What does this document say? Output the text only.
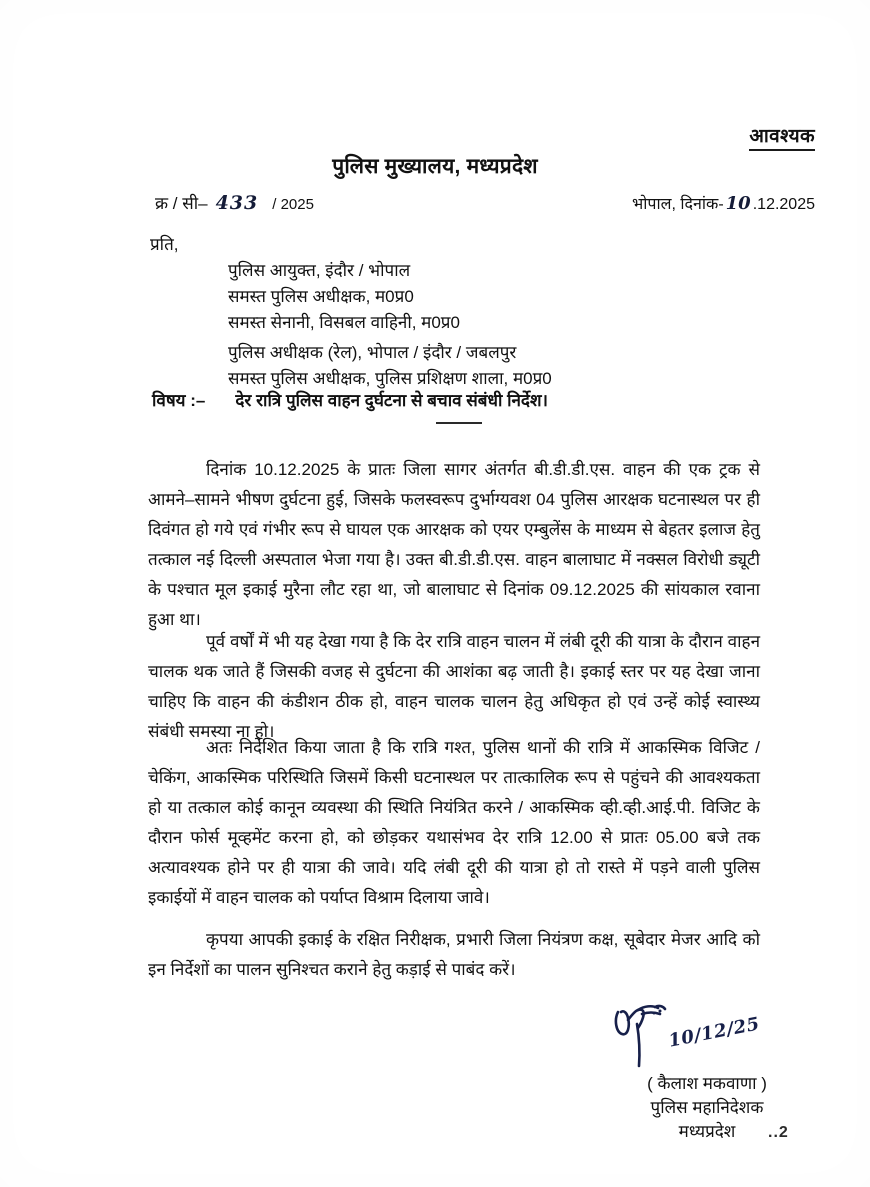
आवश्यक
पुलिस मुख्यालय, मध्यप्रदेश
क्र / सी– 433 / 2025	भोपाल, दिनांक- 10 .12.2025
प्रति,
पुलिस आयुक्त, इंदौर / भोपाल
समस्त पुलिस अधीक्षक, म0प्र0
समस्त सेनानी, विसबल वाहिनी, म0प्र0
पुलिस अधीक्षक (रेल), भोपाल / इंदौर / जबलपुर
समस्त पुलिस अधीक्षक, पुलिस प्रशिक्षण शाला, म0प्र0
विषय :– देर रात्रि पुलिस वाहन दुर्घटना से बचाव संबंधी निर्देश।

दिनांक 10.12.2025 के प्रातः जिला सागर अंतर्गत बी.डी.डी.एस. वाहन की एक ट्रक से आमने–सामने भीषण दुर्घटना हुई, जिसके फलस्वरूप दुर्भाग्यवश 04 पुलिस आरक्षक घटनास्थल पर ही दिवंगत हो गये एवं गंभीर रूप से घायल एक आरक्षक को एयर एम्बुलेंस के माध्यम से बेहतर इलाज हेतु तत्काल नई दिल्ली अस्पताल भेजा गया है। उक्त बी.डी.डी.एस. वाहन बालाघाट में नक्सल विरोधी ड्यूटी के पश्चात मूल इकाई मुरैना लौट रहा था, जो बालाघाट से दिनांक 09.12.2025 की सांयकाल रवाना हुआ था।

पूर्व वर्षों में भी यह देखा गया है कि देर रात्रि वाहन चालन में लंबी दूरी की यात्रा के दौरान वाहन चालक थक जाते हैं जिसकी वजह से दुर्घटना की आशंका बढ़ जाती है। इकाई स्तर पर यह देखा जाना चाहिए कि वाहन की कंडीशन ठीक हो, वाहन चालक चालन हेतु अधिकृत हो एवं उन्हें कोई स्वास्थ्य संबंधी समस्या ना हो।

अतः निर्देशित किया जाता है कि रात्रि गश्त, पुलिस थानों की रात्रि में आकस्मिक विजिट / चेकिंग, आकस्मिक परिस्थिति जिसमें किसी घटनास्थल पर तात्कालिक रूप से पहुंचने की आवश्यकता हो या तत्काल कोई कानून व्यवस्था की स्थिति नियंत्रित करने / आकस्मिक व्ही.व्ही.आई.पी. विजिट के दौरान फोर्स मूव्हमेंट करना हो, को छोड़कर यथासंभव देर रात्रि 12.00 से प्रातः 05.00 बजे तक अत्यावश्यक होने पर ही यात्रा की जावे। यदि लंबी दूरी की यात्रा हो तो रास्ते में पड़ने वाली पुलिस इकाईयों में वाहन चालक को पर्याप्त विश्राम दिलाया जावे।

कृपया आपकी इकाई के रक्षित निरीक्षक, प्रभारी जिला नियंत्रण कक्ष, सूबेदार मेजर आदि को इन निर्देशों का पालन सुनिश्चत कराने हेतु कड़ाई से पाबंद करें।

10/12/25
( कैलाश मकवाणा )
पुलिस महानिदेशक
मध्यप्रदेश	..2
